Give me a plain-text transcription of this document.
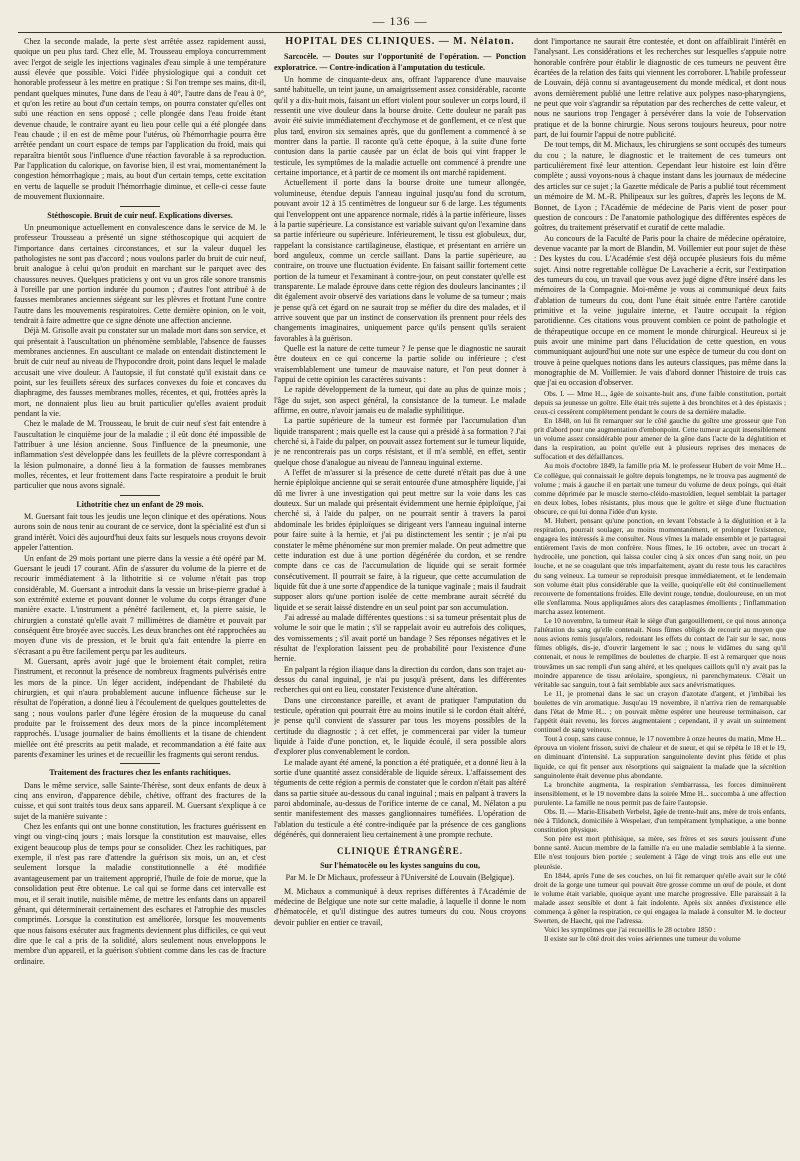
— 136 —

Chez la seconde malade, la perte s'est arrêtée assez rapidement aussi, quoique un peu plus tard. Chez elle, M. Trousseau employa concurremment avec l'ergot de seigle les injections vaginales d'eau simple à une température aussi élevée que possible. Voici l'idée physiologique qui a conduit cet honorable professeur à les mettre en pratique : Si l'on trempe ses mains, dit-il, pendant quelques minutes, l'une dans de l'eau à 40°, l'autre dans de l'eau à 0°, et qu'on les retire au bout d'un certain temps, on pourra constater qu'elles ont subi une réaction en sens opposé ; celle plongée dans l'eau froide étant devenue chaude, le contraire ayant eu lieu pour celle qui a été plongée dans l'eau chaude ; il en est de même pour l'utérus, où l'hémorrhagie pourra être arrêtée pendant un court espace de temps par l'application du froid, mais qui reparaîtra bientôt sous l'influence d'une réaction favorable à sa reproduction. Par l'application du calorique, on favorise bien, il est vrai, momentanément la congestion hémorrhagique ; mais, au bout d'un certain temps, cette excitation en vertu de laquelle se produit l'hémorrhagie diminue, et celle-ci cesse faute de mouvement fluxionnaire.

Stéthoscopie. Bruit de cuir neuf. Explications diverses.

Un pneumonique actuellement en convalescence dans le service de M. le professeur Trousseau a présenté un signe stéthoscopique qui acquiert de l'importance dans certaines circonstances, et sur la valeur duquel les pathologistes ne sont pas d'accord ; nous voulons parler du bruit de cuir neuf, bruit analogue à celui qu'on produit en marchant sur le parquet avec des chaussures neuves. Quelques praticiens y ont vu un gros râle sonore transmis à l'oreille par une portion indurée du poumon ; d'autres l'ont attribué à de fausses membranes anciennes siégeant sur les plèvres et frottant l'une contre l'autre dans les mouvements respiratoires. Cette dernière opinion, on le voit, tendrait à faire admettre que ce signe dénote une affection ancienne.

Déjà M. Grisolle avait pu constater sur un malade mort dans son service, et qui présentait à l'auscultation un phénomène semblable, l'absence de fausses membranes anciennes. En auscultant ce malade on entendait distinctement le bruit de cuir neuf au niveau de l'hypocondre droit, point dans lequel le malade accusait une vive douleur. A l'autopsie, il fut constaté qu'il existait dans ce point, sur les feuillets séreux des surfaces convexes du foie et concaves du diaphragme, des fausses membranes molles, récentes, et qui, frottées après la mort, ne donnaient plus lieu au bruit particulier qu'elles avaient produit pendant la vie.

Chez le malade de M. Trousseau, le bruit de cuir neuf s'est fait entendre à l'auscultation le cinquième jour de la maladie ; il eût donc été impossible de l'attribuer à une lésion ancienne. Sous l'influence de la pneumonie, une inflammation s'est développée dans les feuillets de la plèvre correspondant à la lésion pulmonaire, a donné lieu à la formation de fausses membranes molles, récentes, et leur frottement dans l'acte respiratoire a produit le bruit particulier que nous avons signalé.

Lithotritie chez un enfant de 29 mois.

M. Guersant fait tous les jeudis une leçon clinique et des opérations. Nous aurons soin de nous tenir au courant de ce service, dont la spécialité est d'un si grand intérêt. Voici dès aujourd'hui deux faits sur lesquels nous croyons devoir appeler l'attention.

Un enfant de 29 mois portant une pierre dans la vessie a été opéré par M. Guersant le jeudi 17 courant. Afin de s'assurer du volume de la pierre et de recourir immédiatement à la lithotritie si ce volume n'était pas trop considérable, M. Guersant a introduit dans la vessie un brise-pierre gradué à son extrémité externe et pouvant donner le volume du corps étranger d'une manière exacte. L'instrument a pénétré facilement, et, la pierre saisie, le chirurgien a constaté qu'elle avait 7 millimètres de diamètre et pouvait par conséquent être broyée avec succès. Les deux branches ont été rapprochées au moyen d'une vis de pression, et le bruit qu'a fait entendre la pierre en s'écrasant a pu être facilement perçu par les auditeurs.

M. Guersant, après avoir jugé que le broiement était complet, retira l'instrument, et reconnut la présence de nombreux fragments pulvérisés entre les mors de la pince. Un léger accident, indépendant de l'habileté du chirurgien, et qui n'aura probablement aucune influence fâcheuse sur le résultat de l'opération, a donné lieu à l'écoulement de quelques gouttelettes de sang ; nous voulons parler d'une légère érosion de la muqueuse du canal produite par le froissement des deux mors de la pince incomplétement rapprochés. L'usage journalier de bains émollients et la tisane de chiendent miellée ont été prescrits au petit malade, et recommandation a été faite aux parents d'examiner les urines et de recueillir les fragments qui seront rendus.

Traitement des fractures chez les enfants rachitiques.

Dans le même service, salle Sainte-Thérèse, sont deux enfants de deux à cinq ans environ, d'apparence débile, chétive, offrant des fractures de la cuisse, et qui sont traités tous deux sans appareil. M. Guersant s'explique à ce sujet de la manière suivante :

Chez les enfants qui ont une bonne constitution, les fractures guérissent en vingt ou vingt-cinq jours ; mais lorsque la constitution est mauvaise, elles exigent beaucoup plus de temps pour se consolider. Chez les rachitiques, par exemple, il n'est pas rare d'attendre la guérison six mois, un an, et c'est seulement lorsque la maladie constitutionnelle a été modifiée avantageusement par un traitement approprié, l'huile de foie de morue, que la consolidation peut être obtenue. Le cal qui se forme dans cet intervalle est mou, et il serait inutile, nuisible même, de mettre les enfants dans un appareil gênant, qui déterminerait certainement des eschares et l'atrophie des muscles comprimés. Lorsque la constitution est améliorée, lorsque les mouvements que nous faisons exécuter aux fragments deviennent plus difficiles, ce qui veut dire que le cal a pris de la solidité, alors seulement nous enveloppons le membre d'un appareil, et la guérison s'obtient comme dans les cas de fracture ordinaire.

HOPITAL DES CLINIQUES. — M. Nélaton.

Sarcocèle. — Doutes sur l'opportunité de l'opération. — Ponction exploratrice. — Contre-indication à l'amputation du testicule.

Un homme de cinquante-deux ans, offrant l'apparence d'une mauvaise santé habituelle, un teint jaune, un amaigrissement assez considérable, raconte qu'il y a dix-huit mois, faisant un effort violent pour soulever un corps lourd, il ressentit une vive douleur dans la bourse droite. Cette douleur ne paraît pas avoir été suivie immédiatement d'ecchymose et de gonflement, et ce n'est que plus tard, environ six semaines après, que du gonflement a commencé à se montrer dans la partie. Il raconte qu'à cette époque, à la suite d'une forte contusion dans la partie causée par un éclat de bois qui vint frapper le testicule, les symptômes de la maladie actuelle ont commencé à prendre une certaine importance, et à partir de ce moment ils ont marché rapidement.

Actuellement il porte dans la bourse droite une tumeur allongée, volumineuse, étendue depuis l'anneau inguinal jusqu'au fond du scrotum, pouvant avoir 12 à 15 centimètres de longueur sur 6 de large. Les téguments qui l'enveloppent ont une apparence normale, ridés à la partie inférieure, lisses à la partie supérieure. La consistance est variable suivant qu'on l'examine dans sa partie inférieure ou supérieure. Inférieurement, le tissu est globuleux, dur, rappelant la consistance cartilagineuse, élastique, et présentant en arrière un bord anguleux, comme un cercle saillant. Dans la partie supérieure, au contraire, on trouve une fluctuation évidente. En faisant saillir fortement cette portion de la tumeur et l'examinant à contre-jour, on peut constater qu'elle est transparente. Le malade éprouve dans cette région des douleurs lancinantes ; il dit également avoir observé des variations dans le volume de sa tumeur ; mais je pense qu'à cet égard on ne saurait trop se méfier du dire des malades, et il arrive souvent que par un instinct de conservation ils prennent pour réels des changements imaginaires, uniquement parce qu'ils pensent qu'ils seraient favorables à la guérison.

Quelle est la nature de cette tumeur ? Je pense que le diagnostic ne saurait être douteux en ce qui concerne la partie solide ou inférieure ; c'est vraisemblablement une tumeur de mauvaise nature, et l'on peut donner à l'appui de cette opinion les caractères suivants :

Le rapide développement de la tumeur, qui date au plus de quinze mois ; l'âge du sujet, son aspect général, la consistance de la tumeur. Le malade affirme, en outre, n'avoir jamais eu de maladie syphilitique.

La partie supérieure de la tumeur est formée par l'accumulation d'un liquide transparent ; mais quelle est la cause qui a présidé à sa formation ? J'ai cherché si, à l'aide du palper, on pouvait assez fortement sur le tumeur liquide, je ne rencontrerais pas un corps résistant, et il m'a semblé, en effet, sentir quelque chose d'analogue au niveau de l'anneau inguinal externe.

A l'effet de m'assurer si la présence de cette dureté n'était pas due à une hernie épiploïque ancienne qui se serait entourée d'une atmosphère liquide, j'ai dû me livrer à une investigation qui peut mettre sur la voie dans les cas douteux. Sur un malade qui présentait évidemment une hernie épiploïque, j'ai cherché si, à l'aide du palper, on ne pourrait sentir à travers la paroi abdominale les brides épiploïques se dirigeant vers l'anneau inguinal interne pour faire suite à la hernie, et j'ai pu distinctement les sentir ; je n'ai pu constater le même phénomène sur mon premier malade. On peut admettre que cette induration est due à une portion dégénérée du cordon, et se rendre compte dans ce cas de l'accumulation de liquide qui se serait formée consécutivement. Il pourrait se faire, à la rigueur, que cette accumulation de liquide fût due à une sorte d'appendice de la tunique vaginale ; mais il faudrait supposer alors qu'une portion isolée de cette membrane aurait sécrété du liquide et se serait laissé distendre en un seul point par son accumulation.

J'ai adressé au malade différentes questions : si sa tumeur présentait plus de volume le soir que le matin ; s'il se rappelait avoir eu autrefois des coliques, des vomissements ; s'il avait porté un bandage ? Ses réponses négatives et le résultat de l'exploration laissent peu de probabilité pour l'existence d'une hernie.

En palpant la région iliaque dans la direction du cordon, dans son trajet au-dessus du canal inguinal, je n'ai pu jusqu'à présent, dans les différentes recherches qui ont eu lieu, constater l'existence d'une altération.

Dans une circonstance pareille, et avant de pratiquer l'amputation du testicule, opération qui pourrait être au moins inutile si le cordon était altéré, je pense qu'il convient de s'assurer par tous les moyens possibles de la certitude du diagnostic ; à cet effet, je commencerai par vider la tumeur liquide à l'aide d'une ponction, et, le liquide écoulé, il sera possible alors d'explorer plus convenablement le cordon.

Le malade ayant été amené, la ponction a été pratiquée, et a donné lieu à la sortie d'une quantité assez considérable de liquide séreux. L'affaissement des téguments de cette région a permis de constater que le cordon n'était pas altéré dans sa partie située au-dessous du canal inguinal ; mais en palpant à travers la paroi abdominale, au-dessus de l'orifice interne de ce canal, M. Nélaton a pu sentir manifestement des masses ganglionnaires tuméfiées. L'opération de l'ablation du testicule a été contre-indiquée par la présence de ces ganglions dégénérés, qui donneraient lieu certainement à une prompte rechute.

CLINIQUE ÉTRANGÈRE.

Sur l'hématocèle ou les kystes sanguins du cou,

Par M. le Dr Michaux, professeur à l'Université de Louvain (Belgique).

M. Michaux a communiqué à deux reprises différentes à l'Académie de médecine de Belgique une note sur cette maladie, à laquelle il donne le nom d'hématocèle, et qu'il distingue des autres tumeurs du cou. Nous croyons devoir publier en entier ce travail,

dont l'importance ne saurait être contestée, et dont on affaiblirait l'intérêt en l'analysant. Les considérations et les recherches sur lesquelles s'appuie notre honorable confrère pour établir le diagnostic de ces tumeurs ne peuvent être écartées de la relation des faits qui viennent les corroborer. L'habile professeur de Louvain, déjà connu si avantageusement du monde médical, et dont nous avons dernièrement publié une lettre relative aux polypes naso-pharyngiens, ne peut que voir s'agrandir sa réputation par des recherches de cette valeur, et nous ne saurions trop l'engager à persévérer dans la voie de l'observation pratique et de la bonne chirurgie. Nous serons toujours heureux, pour notre part, de lui fournir l'appui de notre publicité.

De tout temps, dit M. Michaux, les chirurgiens se sont occupés des tumeurs du cou ; la nature, le diagnostic et le traitement de ces tumeurs ont particulièrement fixé leur attention. Cependant leur histoire est loin d'être complète ; aussi voyons-nous à chaque instant dans les journaux de médecine des articles sur ce sujet ; la Gazette médicale de Paris a publié tout récemment un mémoire de M. M.-R. Philipeaux sur les goîtres, d'après les leçons de M. Bonnet, de Lyon ; l'Académie de médecine de Paris vient de poser pour question de concours : De l'anatomie pathologique des différentes espèces de goîtres, du traitement préservatif et curatif de cette maladie.

Au concours de la Faculté de Paris pour la chaire de médecine opératoire, devenue vacante par la mort de Blandin, M. Voillemier eut pour sujet de thèse : Des kystes du cou. L'Académie s'est déjà occupée plusieurs fois du même sujet. Ainsi notre regrettable collègue De Lavacherie a écrit, sur l'extirpation des tumeurs du cou, un travail que vous avez jugé digne d'être inséré dans les mémoires de la Compagnie. Moi-même je vous ai communiqué deux faits d'ablation de tumeurs du cou, dont l'une était située entre l'artère carotide primitive et la veine jugulaire interne, et l'autre occupait la région parotidienne. Ces citations vous prouvent combien ce point de pathologie et de thérapeutique occupe en ce moment le monde chirurgical. Heureux si je puis avoir une minime part dans l'élucidation de cette question, en vous communiquant aujourd'hui une note sur une espèce de tumeur du cou dont on trouve à peine quelques notions dans les auteurs classiques, pas même dans la monographie de M. Voillemier. Je vais d'abord donner l'histoire de trois cas que j'ai eu occasion d'observer.

Obs. I. — Mme H..., âgée de soixante-huit ans, d'une faible constitution, portait depuis sa jeunesse un goître. Elle était très sujette à des bronchites et à des épistaxis ; ceux-ci cessèrent complétement pendant le cours de sa dernière maladie.

En 1848, on lui fit remarquer sur le côté gauche du goître une grosseur que l'on prit d'abord pour une augmentation d'embonpoint. Cette tumeur acquit insensiblement un volume assez considérable pour amener de la gêne dans l'acte de la déglutition et dans la respiration, au point qu'elle eut à plusieurs reprises des menaces de suffocation et des défaillances.

Au mois d'octobre 1849, la famille pria M. le professeur Hubert de voir Mme H... Ce collègue, qui connaissait le goître depuis longtemps, ne le trouva pas augmenté de volume ; mais à gauche il en partait une tumeur du volume de deux poings, qui était comme déprimée par le muscle sterno-cléido-mastoïdien, lequel semblait la partager en deux lobes, lobes résistants, plus mous que le goître et siège d'une fluctuation obscure, ce qui lui donna l'idée d'un kyste.

M. Hubert, pensant qu'une ponction, en levant l'obstacle à la déglutition et à la respiration, pourrait soulager, au moins momentanément, et prolonger l'existence, engagea les intéressés à me consulter. Nous vîmes la malade ensemble et je partageai entièrement l'avis de mon confrère. Nous fîmes, le 16 octobre, avec un trocart à hydrocèle, une ponction, qui laissa couler cinq à six onces d'un sang noir, un peu louche, et ne se coagulant que très imparfaitement, ayant du reste tous les caractères du sang veineux. La tumeur se reproduisit presque immédiatement, et le lendemain son volume était plus considérable que la veille, quoiqu'elle eût été continuellement recouverte de fomentations froides. Elle devint rouge, tendue, douloureuse, en un mot elle s'enflamma. Nous appliquâmes alors des cataplasmes émollients ; l'inflammation marcha assez lentement.

Le 10 novembre, la tumeur était le siège d'un gargouillement, ce qui nous annonça l'altération du sang qu'elle contenait. Nous fûmes obligés de recourir au moyen que nous avions remis jusqu'alors, redoutant les effets du contact de l'air sur le sac, nous fûmes obligés, dis-je, d'ouvrir largement le sac ; nous le vidâmes du sang qu'il contenait, et nous le remplîmes de boulettes de charpie. Il est à remarquer que nous trouvâmes un sac rempli d'un sang altéré, et les quelques caillots qu'il n'y avait pas la moindre apparence de tissu aréolaire, spongieux, ni parenchymateux. C'était un véritable sac sanguin, tout à fait semblable aux sacs anévrismatiques.

Le 11, je promenai dans le sac un crayon d'azotate d'argent, et j'imbibai les boulettes de vin aromatique. Jusqu'au 19 novembre, il n'arriva rien de remarquable dans l'état de Mme H... ; on pouvait même espérer une heureuse terminaison, car l'appétit était revenu, les forces augmentaient ; cependant, il y avait un suintement continuel de sang veineux.

Tout à coup, sans cause connue, le 17 novembre à onze heures du matin, Mme H... éprouva un violent frisson, suivi de chaleur et de sueur, et qui se répéta le 18 et le 19, en diminuant d'intensité. La suppuration sanguinolente devint plus fétide et plus liquide, ce qui fit penser aux résorptions qui saignaient la malade que la sécrétion sanguinolente était devenue plus abondante.

La bronchite augmenta, la respiration s'embarrassa, les forces diminuèrent insensiblement, et le 19 novembre dans la soirée Mme H... succomba à une affection purulente. La famille ne nous permit pas de faire l'autopsie.

Obs. II. — Marie-Elisabeth Verbelst, âgée de trente-huit ans, mère de trois enfants, née à Tildonck, domiciliée à Wespelaer, d'un tempérament lymphatique, a une bonne constitution physique.

Son père est mort phthisique, sa mère, ses frères et ses sœurs jouissent d'une bonne santé. Aucun membre de la famille n'a eu une maladie semblable à la sienne. Elle n'est toujours bien portée ; seulement à l'âge de vingt trois ans elle eut une pleurésie.

En 1844, après l'une de ses couches, on lui fit remarquer qu'elle avait sur le côté droit de la gorge une tumeur qui pouvait être grosse comme un œuf de poule, et dont le volume était variable, quoique ayant une marche progressive. Elle paraissait à la malade assez sensible et dont à fait indolente. Après six années d'existence elle commença à gêner la respiration, ce qui engagea la malade à consulter M. le docteur Swerten, de Haecht, qui me l'adressa.

Voici les symptômes que j'ai recueillis le 28 octobre 1850 :

Il existe sur le côté droit des voies aériennes une tumeur du volume
